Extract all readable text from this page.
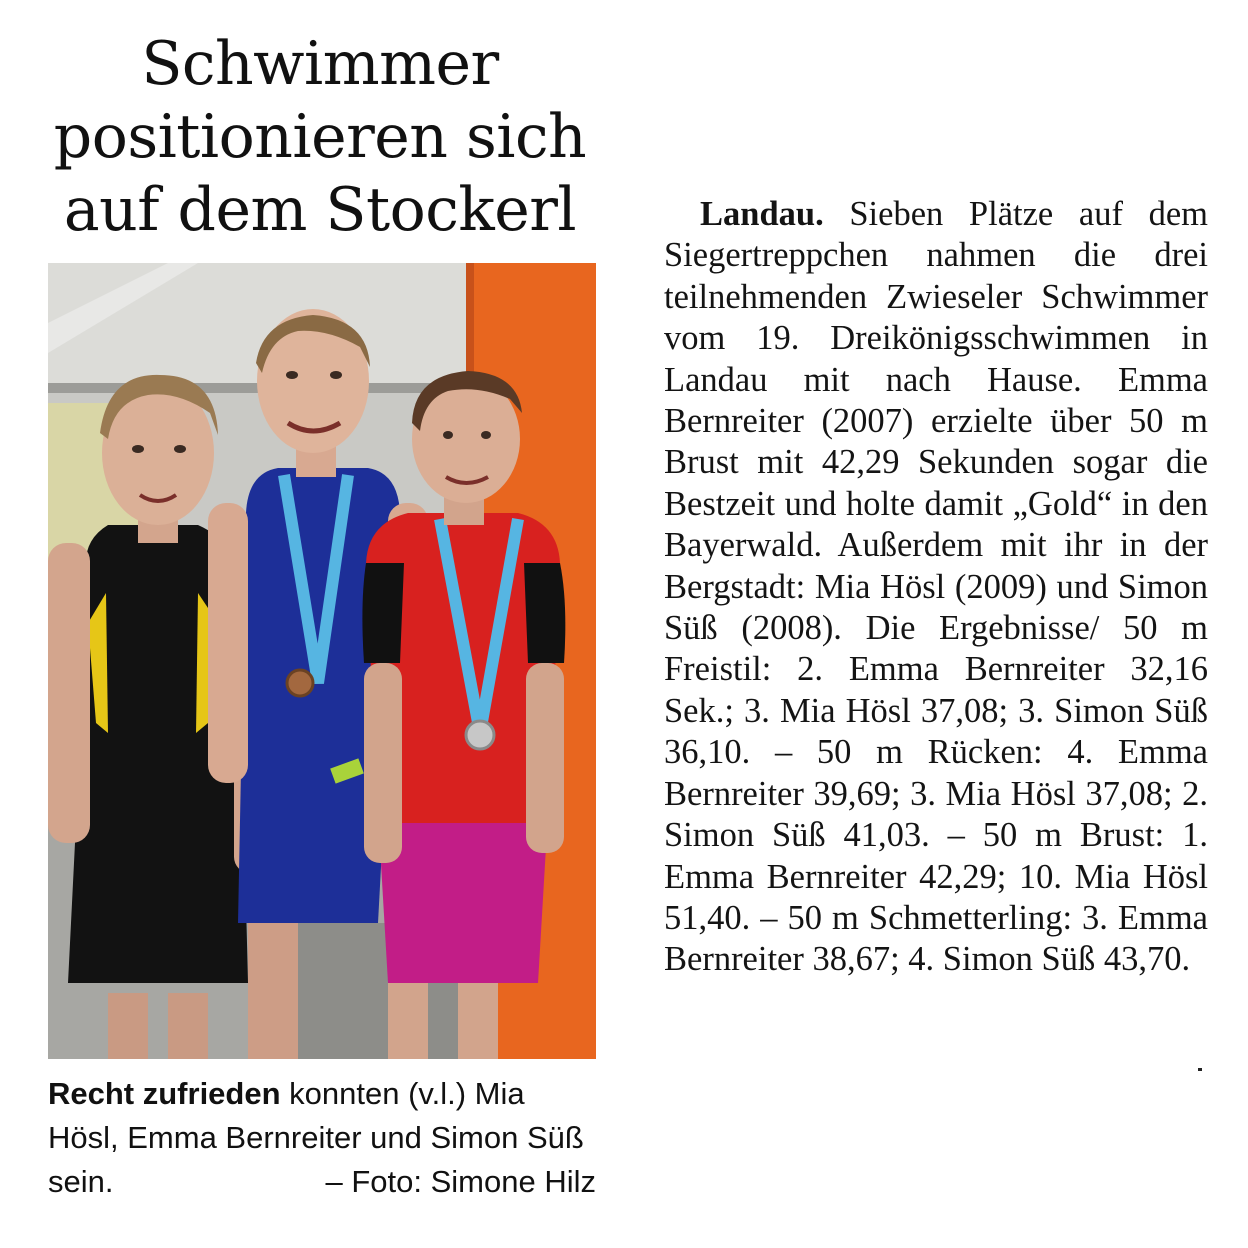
Schwimmer positionieren sich auf dem Stockerl

Recht zufrieden konnten (v.l.) Mia Hösl, Emma Bernreiter und Simon Süß sein.	– Foto: Simone Hilz

Landau. Sieben Plätze auf dem Siegertreppchen nahmen die drei teilnehmenden Zwieseler Schwimmer vom 19. Dreikönigsschwimmen in Landau mit nach Hause. Emma Bernreiter (2007) erzielte über 50 m Brust mit 42,29 Sekunden sogar die Bestzeit und holte damit „Gold“ in den Bayerwald. Außerdem mit ihr in der Bergstadt: Mia Hösl (2009) und Simon Süß (2008). Die Ergebnisse/ 50 m Freistil: 2. Emma Bernreiter 32,16 Sek.; 3. Mia Hösl 37,08; 3. Simon Süß 36,10. – 50 m Rücken: 4. Emma Bernreiter 39,69; 3. Mia Hösl 37,08; 2. Simon Süß 41,03. – 50 m Brust: 1. Emma Bernreiter 42,29; 10. Mia Hösl 51,40. – 50 m Schmetterling: 3. Emma Bernreiter 38,67; 4. Simon Süß 43,70.
